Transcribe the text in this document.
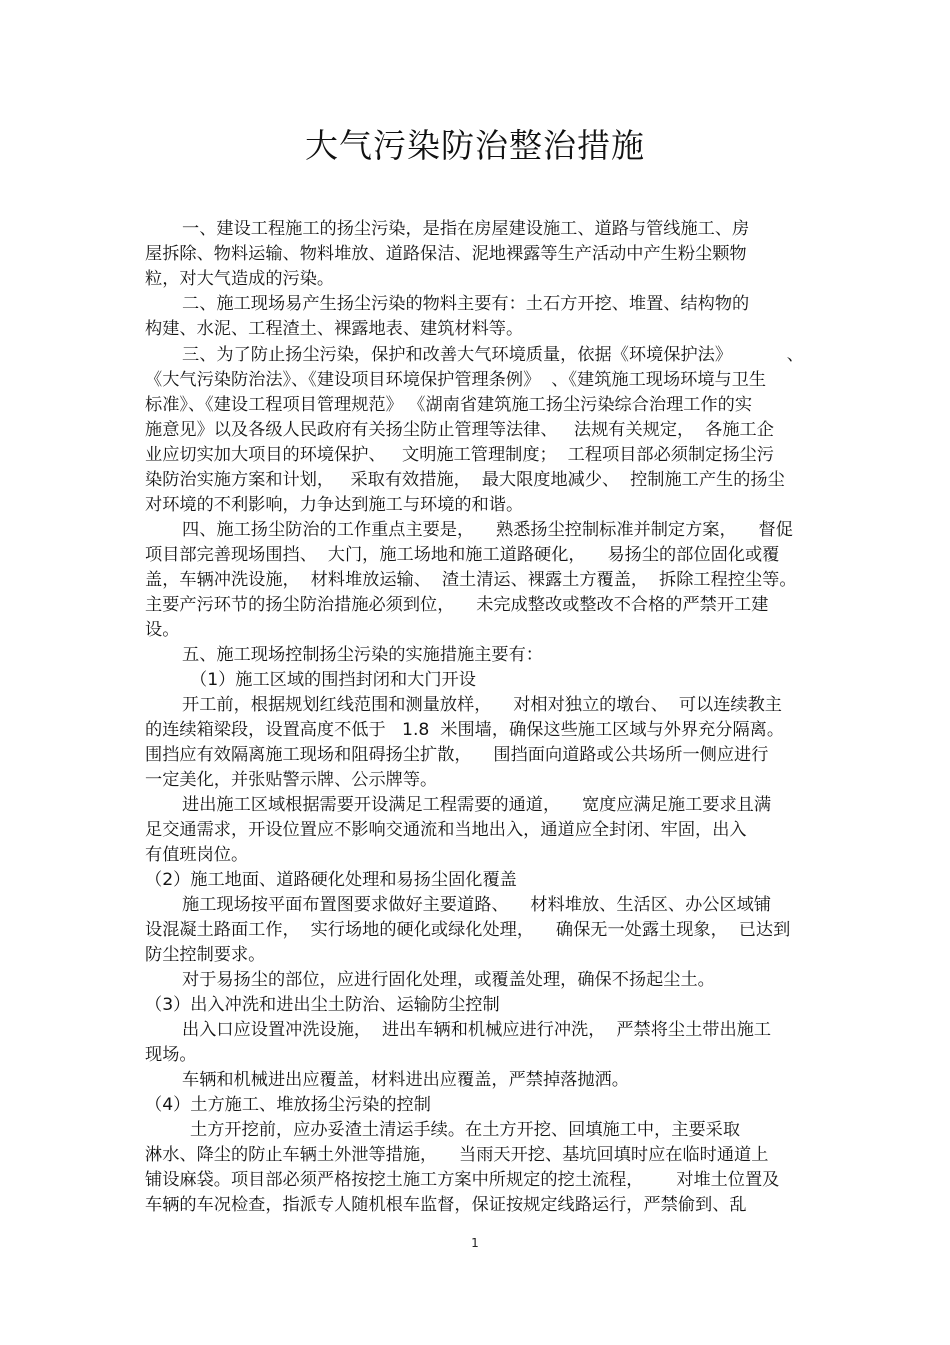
大气污染防治整治措施
一、建设工程施工的扬尘污染，是指在房屋建设施工、道路与管线施工、房
屋拆除、物料运输、物料堆放、道路保洁、泥地裸露等生产活动中产生粉尘颗物
粒，对大气造成的污染。
二、施工现场易产生扬尘污染的物料主要有：土石方开挖、堆置、结构物的
构建、水泥、工程渣土、裸露地表、建筑材料等。
三、为了防止扬尘污染，保护和改善大气环境质量，依据《环境保护法》          、
《大气污染防治法》、《建设项目环境保护管理条例》  、《建筑施工现场环境与卫生
标准》、《建设工程项目管理规范》 《湖南省建筑施工扬尘污染综合治理工作的实
施意见》以及各级人民政府有关扬尘防止管理等法律、   法规有关规定，  各施工企
业应切实加大项目的环境保护、   文明施工管理制度；  工程项目部必须制定扬尘污
染防治实施方案和计划，   采取有效措施，  最大限度地减少、  控制施工产生的扬尘
对环境的不利影响，力争达到施工与环境的和谐。
四、施工扬尘防治的工作重点主要是，    熟悉扬尘控制标准并制定方案，    督促
项目部完善现场围挡、  大门，施工场地和施工道路硬化，    易扬尘的部位固化或覆
盖，车辆冲洗设施，  材料堆放运输、  渣土清运、裸露土方覆盖，  拆除工程控尘等。
主要产污环节的扬尘防治措施必须到位，    未完成整改或整改不合格的严禁开工建
设。
五、施工现场控制扬尘污染的实施措施主要有：
（1）施工区域的围挡封闭和大门开设
开工前，根据规划红线范围和测量放样，    对相对独立的墩台、  可以连续教主
的连续箱梁段，设置高度不低于   1.8  米围墙，确保这些施工区域与外界充分隔离。
围挡应有效隔离施工现场和阻碍扬尘扩散，    围挡面向道路或公共场所一侧应进行
一定美化，并张贴警示牌、公示牌等。
进出施工区域根据需要开设满足工程需要的通道，    宽度应满足施工要求且满
足交通需求，开设位置应不影响交通流和当地出入，通道应全封闭、牢固，出入
有值班岗位。
（2）施工地面、道路硬化处理和易扬尘固化覆盖
施工现场按平面布置图要求做好主要道路、    材料堆放、生活区、办公区域铺
设混凝土路面工作，  实行场地的硬化或绿化处理，    确保无一处露土现象，  已达到
防尘控制要求。
对于易扬尘的部位，应进行固化处理，或覆盖处理，确保不扬起尘土。
（3）出入冲洗和进出尘土防治、运输防尘控制
出入口应设置冲洗设施，  进出车辆和机械应进行冲洗，  严禁将尘土带出施工
现场。
车辆和机械进出应覆盖，材料进出应覆盖，严禁掉落抛洒。
（4）土方施工、堆放扬尘污染的控制
土方开挖前，应办妥渣土清运手续。在土方开挖、回填施工中，主要采取
淋水、降尘的防止车辆土外泄等措施，    当雨天开挖、基坑回填时应在临时通道上
铺设麻袋。项目部必须严格按挖土施工方案中所规定的挖土流程，      对堆土位置及
车辆的车况检查，指派专人随机根车监督，保证按规定线路运行，严禁偷到、乱
1
